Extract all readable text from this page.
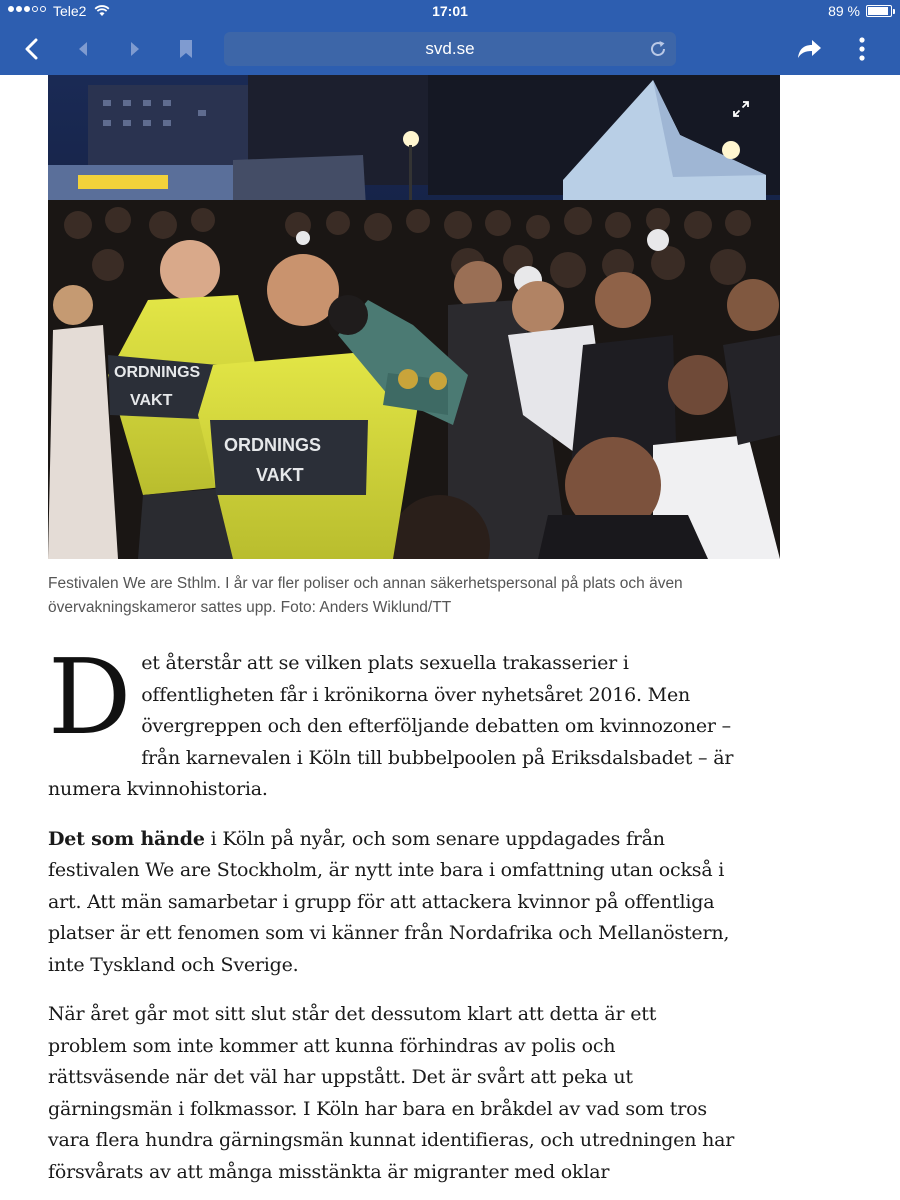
Tele2	17:01	89 %
svd.se
ORDNINGS
VAKT
ORDNINGS
VAKT
Festivalen We are Sthlm. I år var fler poliser och annan säkerhetspersonal på plats och även övervakningskameror sattes upp. Foto: Anders Wiklund/TT

Det återstår att se vilken plats sexuella trakasserier i offentligheten får i krönikorna över nyhetsåret 2016. Men övergreppen och den efterföljande debatten om kvinnozoner – från karnevalen i Köln till bubbelpoolen på Eriksdalsbadet – är numera kvinnohistoria.

Det som hände i Köln på nyår, och som senare uppdagades från festivalen We are Stockholm, är nytt inte bara i omfattning utan också i art. Att män samarbetar i grupp för att attackera kvinnor på offentliga platser är ett fenomen som vi känner från Nordafrika och Mellanöstern, inte Tyskland och Sverige.

När året går mot sitt slut står det dessutom klart att detta är ett problem som inte kommer att kunna förhindras av polis och rättsväsende när det väl har uppstått. Det är svårt att peka ut gärningsmän i folkmassor. I Köln har bara en bråkdel av vad som tros vara flera hundra gärningsmän kunnat identifieras, och utredningen har försvårats av att många misstänkta är migranter med oklar
